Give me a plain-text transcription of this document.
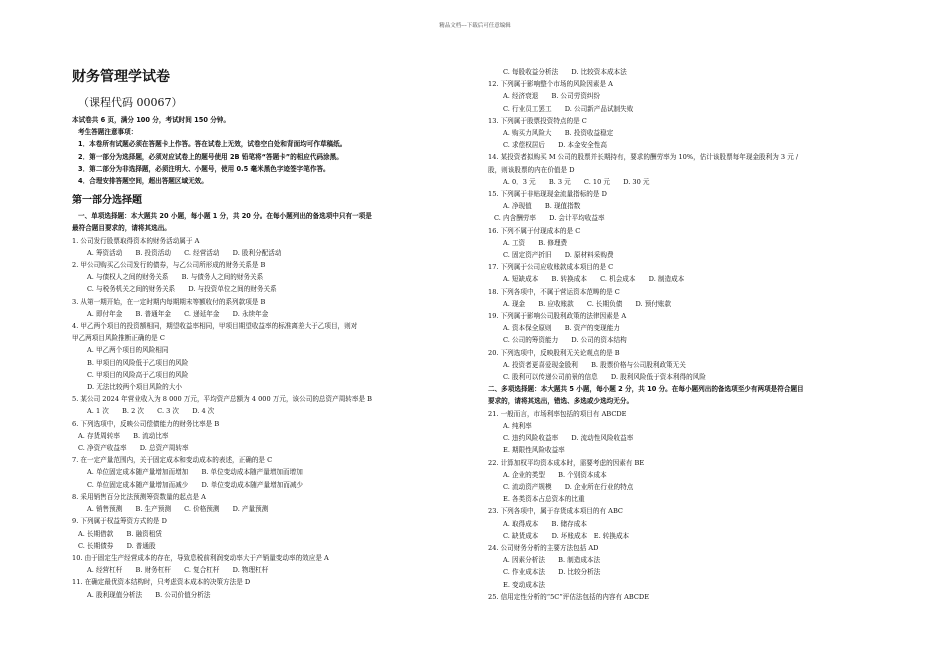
精品文档---下载后可任意编辑
财务管理学试卷
（课程代码 00067）
本试卷共 6 页，满分 100 分，考试时间 150 分钟。
考生答题注意事项：
1．本卷所有试题必须在答题卡上作答。答在试卷上无效，试卷空白处和背面均可作草稿纸。
2．第一部分为选择题，必须对应试卷上的题号使用 2B 铅笔将“答题卡”的相应代码涂黑。
3．第二部分为非选择题，必须注明大、小题号，使用 0.5 毫米黑色字迹签字笔作答。
4．合理安排答题空间，超出答题区域无效。
第一部分选择题
一、单项选择题：本大题共 20 小题，每小题 1 分，共 20 分。在每小题列出的备选项中只有一项是
最符合题目要求的，请将其选出。
1. 公司发行股票取得资本的财务活动属于 A
A. 筹资活动　　B. 投资活动　　C. 经营活动　　D. 股利分配活动
2. 甲公司购买乙公司发行的债券，与乙公司所形成的财务关系是 B
A. 与债权人之间的财务关系　　B. 与债务人之间的财务关系
C. 与税务机关之间的财务关系　　D. 与投资单位之间的财务关系
3. 从第一期开始，在一定时期内每期期末等额收付的系列款项是 B
A. 即付年金　　B. 普通年金　　C. 递延年金　　D. 永续年金
4. 甲乙两个项目的投资额相同，期望收益率相同，甲项目期望收益率的标准离差大于乙项目，则对
甲乙两项目风险推断正确的是 C
A. 甲乙两个项目的风险相同
B. 甲项目的风险低于乙项目的风险
C. 甲项目的风险高于乙项目的风险
D. 无法比较两个项目风险的大小
5. 某公司 2024 年营业收入为 8 000 万元，平均资产总额为 4 000 万元，该公司的总资产周转率是 B
A. 1 次　　B. 2 次　　C. 3 次　　D. 4 次
6. 下列选项中，反映公司偿债能力的财务比率是 B
A. 存货周转率　　B. 流动比率
C. 净资产收益率　　D. 总资产周转率
7. 在一定产量范围内，关于固定成本和变动成本的表述，正确的是 C
A. 单位固定成本随产量增加而增加　　B. 单位变动成本随产量增加而增加
C. 单位固定成本随产量增加而减少　　D. 单位变动成本随产量增加而减少
8. 采用销售百分比法预测筹资数量的起点是 A
A. 销售预测　　B. 生产预测　　C. 价格预测　　D. 产量预测
9. 下列属于权益筹资方式的是 D
A. 长期借款　　B. 融资租赁
C. 长期债券　　D. 普通股
10. 由于固定生产经营成本的存在，导致息税前利润变动率大于产销量变动率的效应是 A
A. 经营杠杆　　B. 财务杠杆　　C. 复合杠杆　　D. 物理杠杆
11. 在确定最优资本结构时，只考虑资本成本的决策方法是 D
A. 股利现值分析法　　B. 公司价值分析法
C. 每股收益分析法　　D. 比较资本成本法
12. 下列属于影响整个市场的风险因素是 A
A. 经济衰退　　B. 公司劳资纠纷
C. 行业员工罢工　　D. 公司新产品试制失败
13. 下列属于股票投资特点的是 C
A. 购买力风险大　　B. 投资收益稳定
C. 求偿权居后　　D. 本金安全性高
14. 某投资者拟购买 M 公司的股票并长期持有，要求的酬劳率为 10%，估计该股票每年现金股利为 3 元 /
股，则该股票的内在价值是 D
A. 0．3 元　　B. 3 元　　C. 10 元　　D. 30 元
15. 下列属于非贴现现金流量指标的是 D
A. 净现值　　B. 现值指数
C. 内含酬劳率　　D. 会计平均收益率
16. 下列不属于付现成本的是 C
A. 工资　　B. 修理费
C. 固定资产折旧　　D. 原材料采购费
17. 下列属于公司应收账款成本项目的是 C
A. 短缺成本　　B. 转换成本　　C. 机会成本　　D. 制造成本
18. 下列各项中，不属于营运资本范畴的是 C
A. 现金　　B. 应收账款　　C. 长期负债　　D. 预付账款
19. 下列属于影响公司股利政策的法律因素是 A
A. 资本保全原则　　B. 资产的变现能力
C. 公司的筹资能力　　D. 公司的资本结构
20. 下列选项中，反映股利无关论观点的是 B
A. 投资者更喜爱现金股利　　B. 股票价格与公司股利政策无关
C. 股利可以传递公司前景的信息　　D. 股利风险低于资本利得的风险
二、多项选择题：本大题共 5 小题，每小题 2 分，共 10 分。在每小题列出的备选项至少有两项是符合题目
要求的，请将其选出，错选、多选或少选均无分。
21. 一般而言，市场利率包括的项目有 ABCDE
A. 纯利率
C. 违约风险收益率　　D. 流动性风险收益率
E. 期限性风险收益率
22. 计算加权平均资本成本时，需要考虑的因素有 BE
A. 企业的类型　　B. 个别资本成本
C. 流动资产规模　　D. 企业所在行业的特点
E. 各类资本占总资本的比重
23. 下列各项中，属于存货成本项目的有 ABC
A. 取得成本　　B. 储存成本
C. 缺货成本　　D. 坏账成本　E. 转换成本
24. 公司财务分析的主要方法包括 AD
A. 因素分析法　　B. 制造成本法
C. 作业成本法　　D. 比较分析法
E. 变动成本法
25. 信用定性分析的“5C”评估法包括的内容有 ABCDE
